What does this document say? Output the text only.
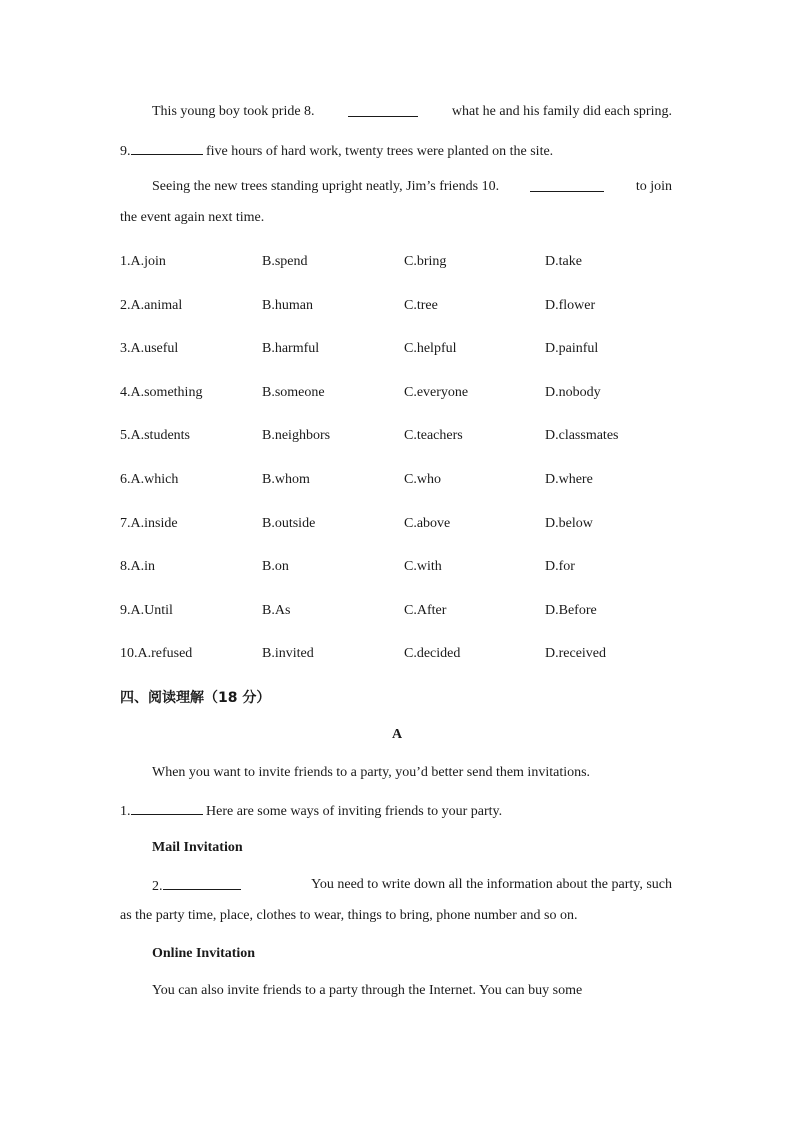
This young boy took pride 8.	what he and his family did each spring.
9.	five hours of hard work, twenty trees were planted on the site.
Seeing the new trees standing upright neatly, Jim’s friends 10.	to join
the event again next time.
1.A.join	B.spend	C.bring	D.take
2.A.animal	B.human	C.tree	D.flower
3.A.useful	B.harmful	C.helpful	D.painful
4.A.something	B.someone	C.everyone	D.nobody
5.A.students	B.neighbors	C.teachers	D.classmates
6.A.which	B.whom	C.who	D.where
7.A.inside	B.outside	C.above	D.below
8.A.in	B.on	C.with	D.for
9.A.Until	B.As	C.After	D.Before
10.A.refused	B.invited	C.decided	D.received
四、阅读理解（18 分）
A
When you want to invite friends to a party, you’d better send them invitations.
1.	Here are some ways of inviting friends to your party.
Mail Invitation
2.	You need to write down all the information about the party, such
as the party time, place, clothes to wear, things to bring, phone number and so on.
Online Invitation
You can also invite friends to a party through the Internet. You can buy some
